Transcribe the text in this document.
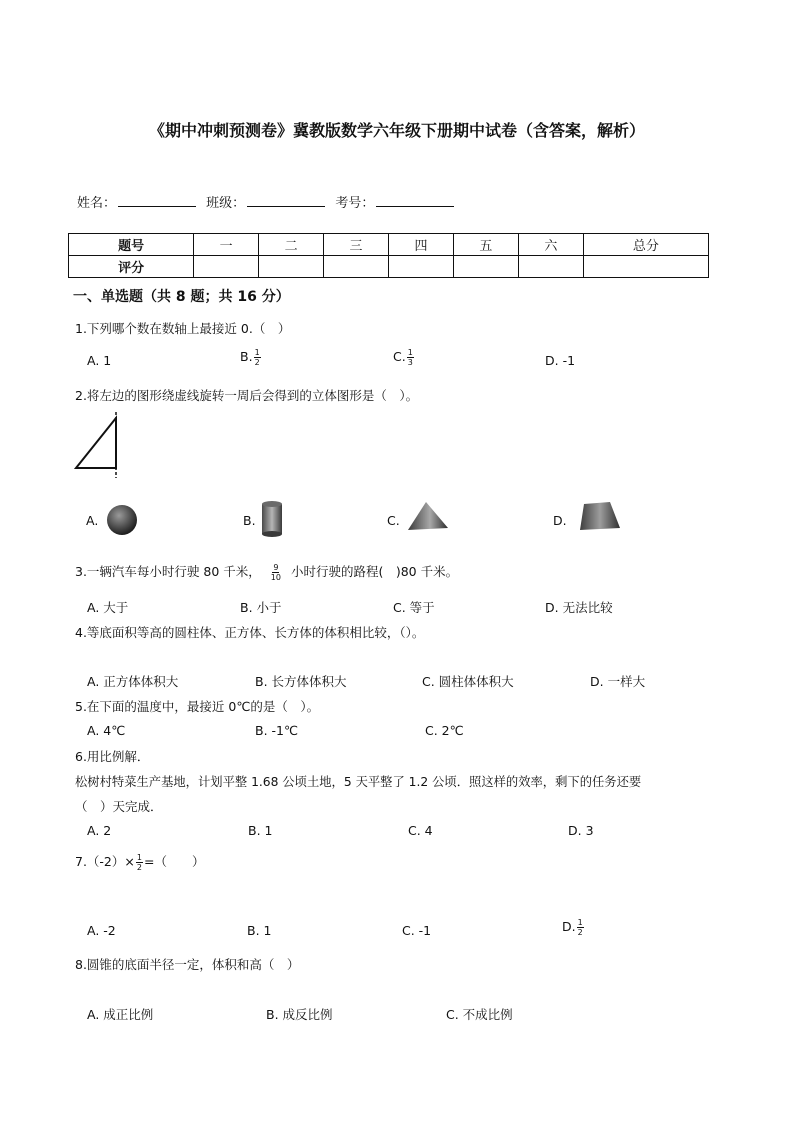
《期中冲刺预测卷》冀教版数学六年级下册期中试卷（含答案，解析）
姓名：	班级：	考号：
题号	一	二	三	四	五	六	总分
评分							
一、单选题（共 8 题；共 16 分）
1.下列哪个数在数轴上最接近 0.（　）
A. 1	B. $\frac{1}{2}$	C. $\frac{1}{3}$	D. -1
2.将左边的图形绕虚线旋转一周后会得到的立体图形是（　）。
A.	B.	C.	D.
3.一辆汽车每小时行驶 80 千米， $\frac{9}{10}$ 小时行驶的路程(　)80 千米。
A. 大于	B. 小于	C. 等于	D. 无法比较
4.等底面积等高的圆柱体、正方体、长方体的体积相比较，（）。
A. 正方体体积大	B. 长方体体积大	C. 圆柱体体积大	D. 一样大
5.在下面的温度中，最接近 0℃的是（　）。
A. 4℃	B. -1℃	C. 2℃
6.用比例解．
松树村特菜生产基地，计划平整 1.68 公顷土地，5 天平整了 1.2 公顷．照这样的效率，剩下的任务还要
（　）天完成．
A. 2	B. 1	C. 4	D. 3
$7.(-2)\times \frac{1}{2}$ =（　　）
A. -2	B. 1	C. -1	D. $\frac{1}{2}$
8.圆锥的底面半径一定，体积和高（　）
A. 成正比例	B. 成反比例	C. 不成比例
